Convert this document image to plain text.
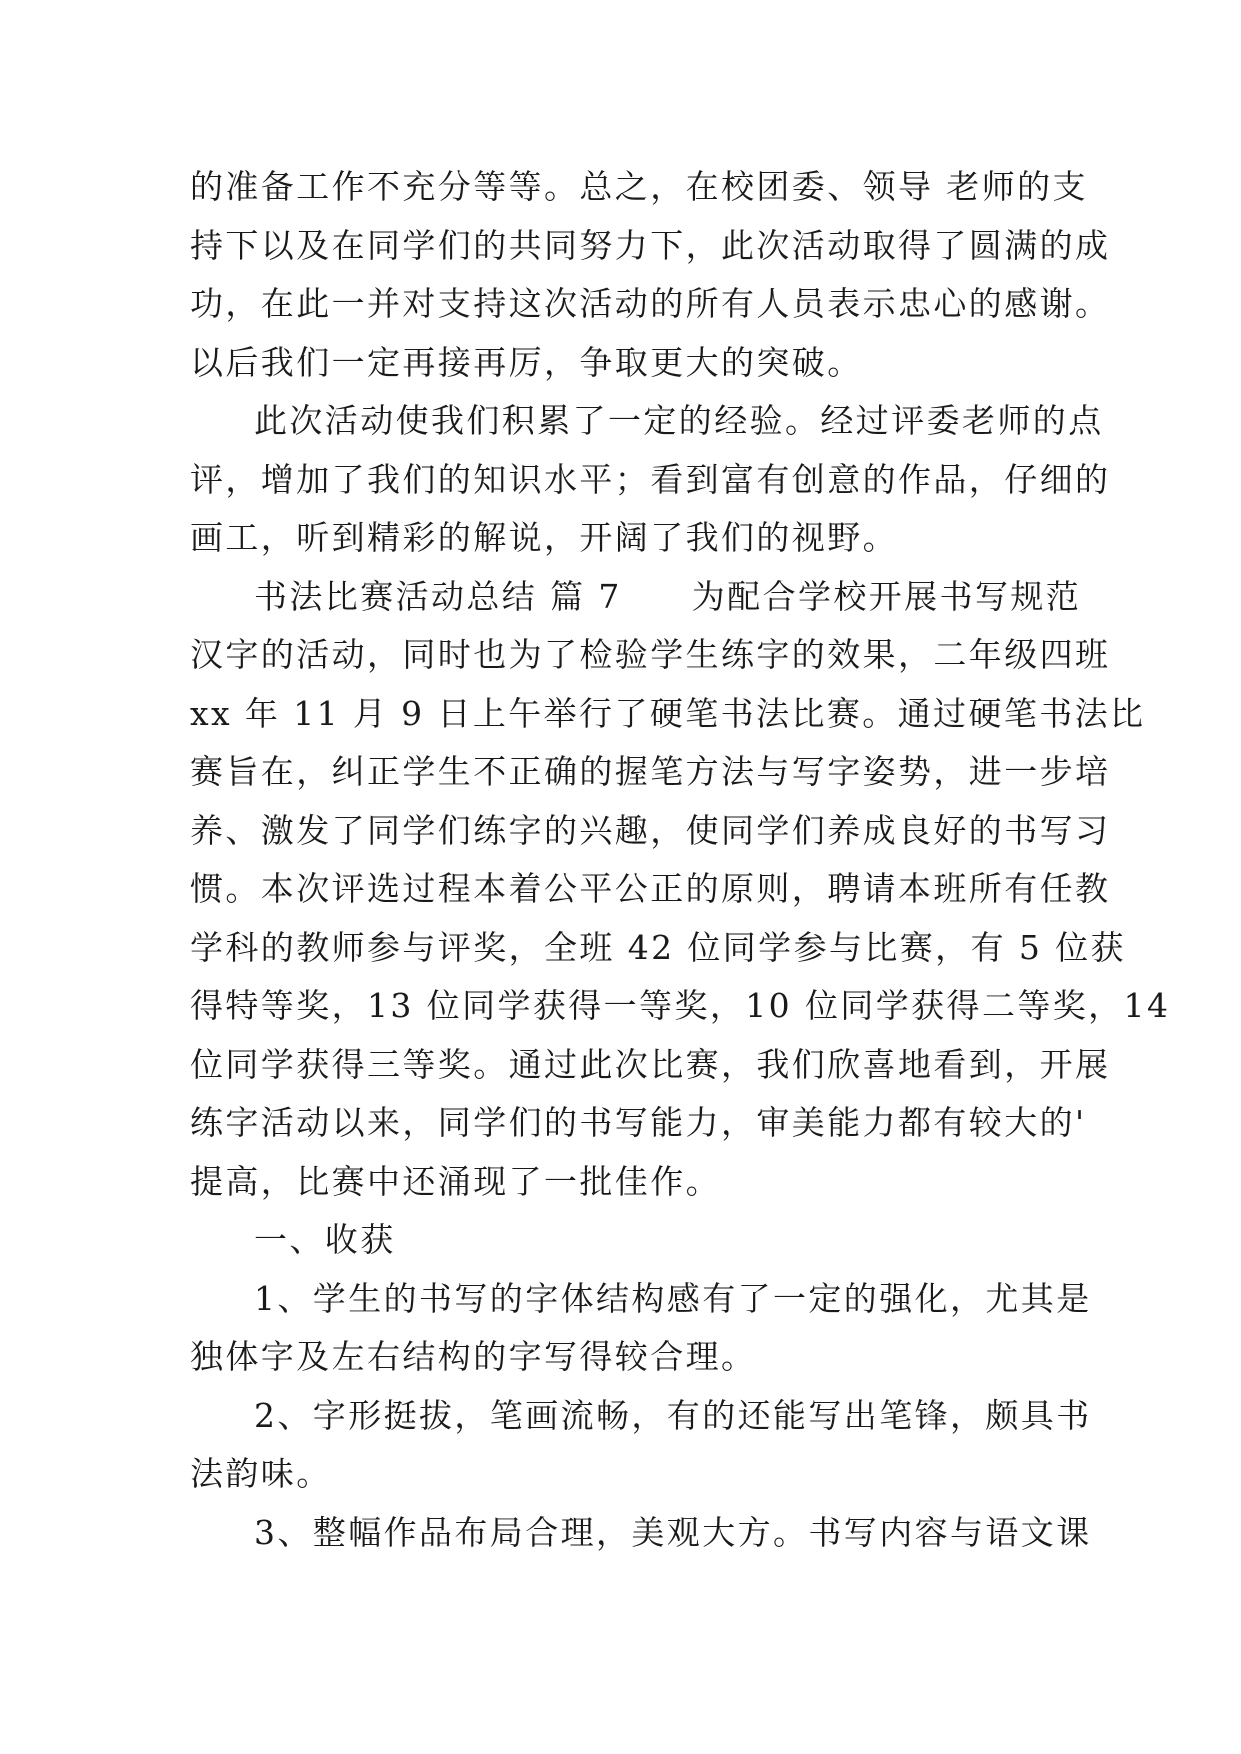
的准备工作不充分等等。总之，在校团委、领导 老师的支
持下以及在同学们的共同努力下，此次活动取得了圆满的成
功，在此一并对支持这次活动的所有人员表示忠心的感谢。
以后我们一定再接再厉，争取更大的突破。
此次活动使我们积累了一定的经验。经过评委老师的点
评，增加了我们的知识水平；看到富有创意的作品，仔细的
画工，听到精彩的解说，开阔了我们的视野。
书法比赛活动总结 篇 7 为配合学校开展书写规范
汉字的活动，同时也为了检验学生练字的效果，二年级四班
xx 年 11 月 9 日上午举行了硬笔书法比赛。通过硬笔书法比
赛旨在，纠正学生不正确的握笔方法与写字姿势，进一步培
养、激发了同学们练字的兴趣，使同学们养成良好的书写习
惯。本次评选过程本着公平公正的原则，聘请本班所有任教
学科的教师参与评奖，全班 42 位同学参与比赛，有 5 位获
得特等奖，13 位同学获得一等奖，10 位同学获得二等奖，14
位同学获得三等奖。通过此次比赛，我们欣喜地看到，开展
练字活动以来，同学们的书写能力，审美能力都有较大的'
提高，比赛中还涌现了一批佳作。
一、收获
1、学生的书写的字体结构感有了一定的强化，尤其是
独体字及左右结构的字写得较合理。
2、字形挺拔，笔画流畅，有的还能写出笔锋，颇具书
法韵味。
3、整幅作品布局合理，美观大方。书写内容与语文课
